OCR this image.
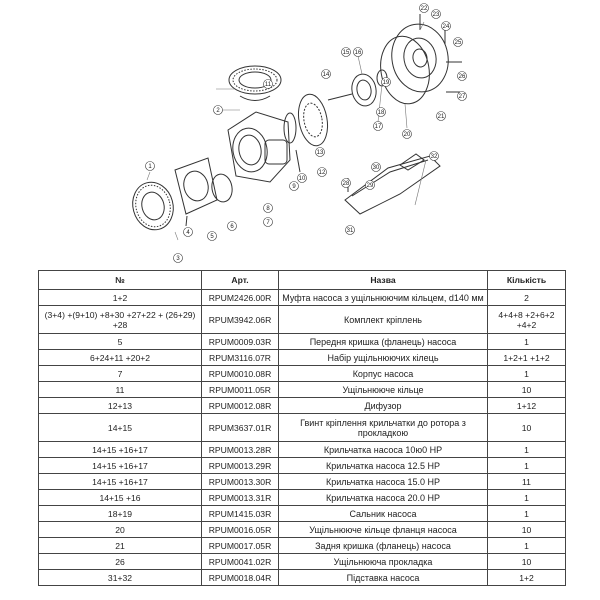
1
2
3
4
5
6
7
8
9
10
11
12
13
14
15 16
17
18
19
20
21
22
23
24
25
26
27
28	29
30
31
32
№	Арт.	Назва	Кількість
1+2	RPUM2426.00R	Муфта насоса з ущільнюючим кільцем, d140 мм	2
(3+4) +(9+10) +8+30 +27+22 + (26+29) +28	RPUM3942.06R	Комплект кріплень	4+4+8 +2+6+2 +4+2
5	RPUM0009.03R	Передня кришка (фланець) насоса	1
6+24+11 +20+2	RPUM3116.07R	Набір ущільнюючих кілець	1+2+1 +1+2
7	RPUM0010.08R	Корпус насоса	1
11	RPUM0011.05R	Ущільнююче кільце	10
12+13	RPUM0012.08R	Дифузор	1+12
14+15	RPUM3637.01R	Гвинт кріплення крильчатки до ротора з прокладкою	10
14+15 +16+17	RPUM0013.28R	Крильчатка насоса 10ю0 HP	1
14+15 +16+17	RPUM0013.29R	Крильчатка насоса 12.5 HP	1
14+15 +16+17	RPUM0013.30R	Крильчатка насоса 15.0 HP	11
14+15 +16	RPUM0013.31R	Крильчатка насоса 20.0 HP	1
18+19	RPUM1415.03R	Сальник насоса	1
20	RPUM0016.05R	Ущільнююче кільце фланця насоса	10
21	RPUM0017.05R	Задня кришка (фланець) насоса	1
26	RPUM0041.02R	Ущільнююча прокладка	10
31+32	RPUM0018.04R	Підставка насоса	1+2
